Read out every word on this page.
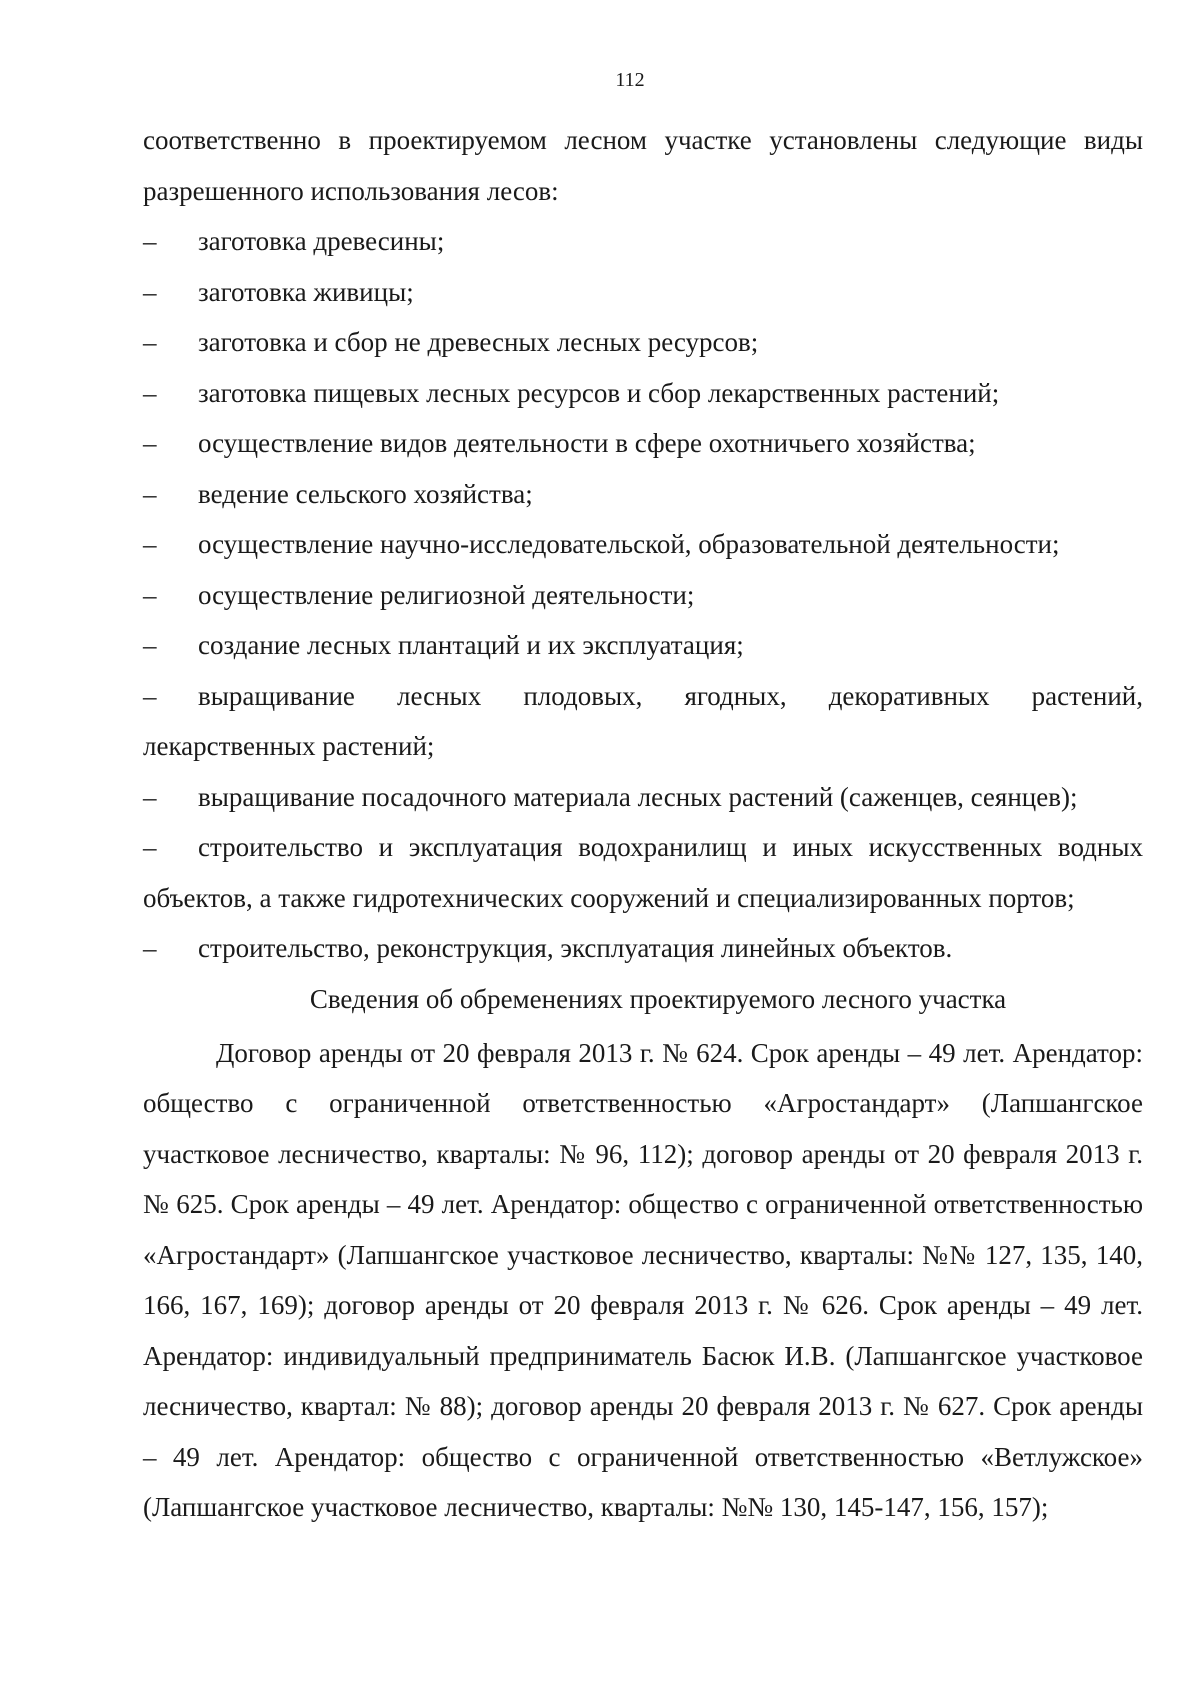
112

соответственно в проектируемом лесном участке установлены следующие виды разрешенного использования лесов:

– заготовка древесины;

– заготовка живицы;

– заготовка и сбор не древесных лесных ресурсов;

– заготовка пищевых лесных ресурсов и сбор лекарственных растений;

– осуществление видов деятельности в сфере охотничьего хозяйства;

– ведение сельского хозяйства;

– осуществление научно-исследовательской, образовательной деятельности;

– осуществление религиозной деятельности;

– создание лесных плантаций и их эксплуатация;

– выращивание лесных плодовых, ягодных, декоративных растений, лекарственных растений;

– выращивание посадочного материала лесных растений (саженцев, сеянцев);

– строительство и эксплуатация водохранилищ и иных искусственных водных объектов, а также гидротехнических сооружений и специализированных портов;

– строительство, реконструкция, эксплуатация линейных объектов.

Сведения об обременениях проектируемого лесного участка

Договор аренды от 20 февраля 2013 г. № 624. Срок аренды – 49 лет. Арендатор: общество с ограниченной ответственностью «Агростандарт» (Лапшангское участковое лесничество, кварталы: № 96, 112); договор аренды от 20 февраля 2013 г. № 625. Срок аренды – 49 лет. Арендатор: общество с ограниченной ответственностью «Агростандарт» (Лапшангское участковое лесничество, кварталы: №№ 127, 135, 140, 166, 167, 169); договор аренды от 20 февраля 2013 г. № 626. Срок аренды – 49 лет. Арендатор: индивидуальный предприниматель Басюк И.В. (Лапшангское участковое лесничество, квартал: № 88); договор аренды 20 февраля 2013 г. № 627. Срок аренды – 49 лет. Арендатор: общество с ограниченной ответственностью «Ветлужское» (Лапшангское участковое лесничество, кварталы: №№ 130, 145-147, 156, 157);
